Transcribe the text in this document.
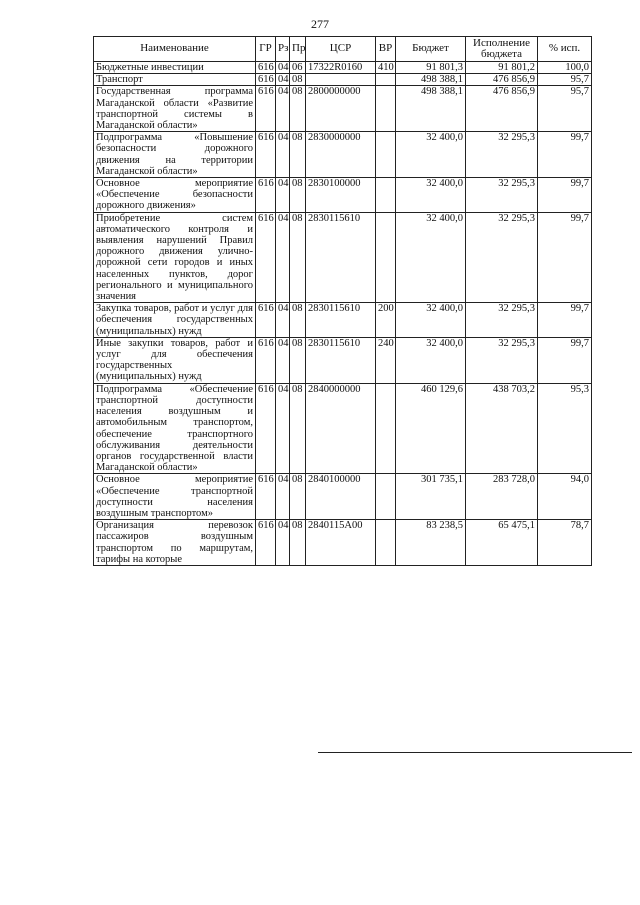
277
Наименование	ГР	Рз	Пр	ЦСР	ВР	Бюджет	Исполнение бюджета	% исп.
Бюджетные инвестиции	616	04	06	17322R0160	410	91 801,3	91 801,2	100,0
Транспорт	616	04	08			498 388,1	476 856,9	95,7
Государственная программа Магаданской области «Развитие транспортной системы в Магаданской области»	616	04	08	2800000000		498 388,1	476 856,9	95,7
Подпрограмма «Повышение безопасности дорожного движения на территории Магаданской области»	616	04	08	2830000000		32 400,0	32 295,3	99,7
Основное мероприятие «Обеспечение безопасности дорожного движения»	616	04	08	2830100000		32 400,0	32 295,3	99,7
Приобретение систем автоматического контроля и выявления нарушений Правил дорожного движения улично-дорожной сети городов и иных населенных пунктов, дорог регионального и муниципального значения	616	04	08	2830115610		32 400,0	32 295,3	99,7
Закупка товаров, работ и услуг для обеспечения государственных (муниципальных) нужд	616	04	08	2830115610	200	32 400,0	32 295,3	99,7
Иные закупки товаров, работ и услуг для обеспечения государственных (муниципальных) нужд	616	04	08	2830115610	240	32 400,0	32 295,3	99,7
Подпрограмма «Обеспечение транспортной доступности населения воздушным и автомобильным транспортом, обеспечение транспортного обслуживания деятельности органов государственной власти Магаданской области»	616	04	08	2840000000		460 129,6	438 703,2	95,3
Основное мероприятие «Обеспечение транспортной доступности населения воздушным транспортом»	616	04	08	2840100000		301 735,1	283 728,0	94,0
Организация перевозок пассажиров воздушным транспортом по маршрутам, тарифы на которые	616	04	08	2840115A00		83 238,5	65 475,1	78,7
